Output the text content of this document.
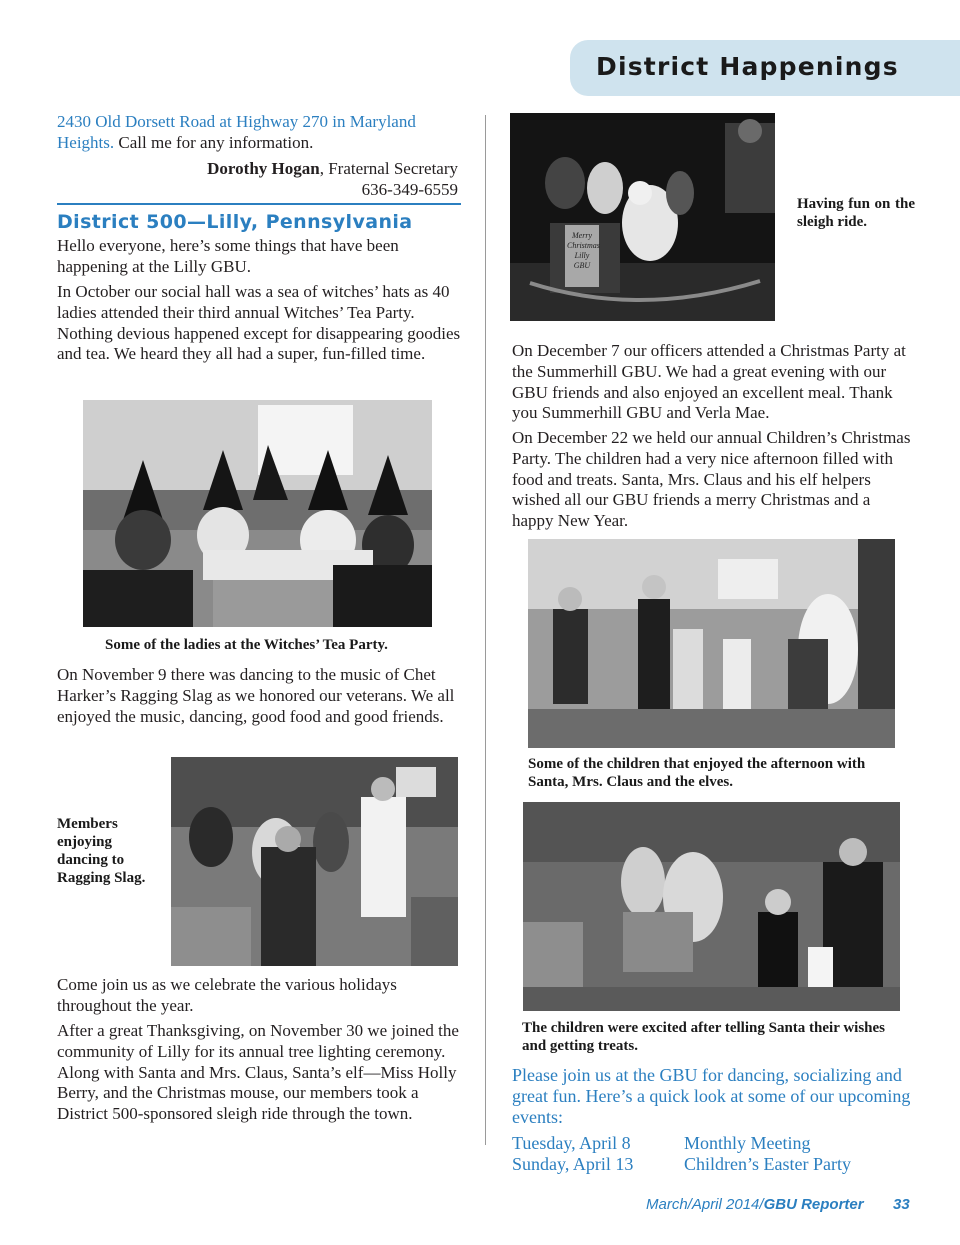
District Happenings
2430 Old Dorsett Road at Highway 270 in Maryland Heights. Call me for any information.
Dorothy Hogan, Fraternal Secretary
636-349-6559
District 500—Lilly, Pennsylvania
Hello everyone, here’s some things that have been happening at the Lilly GBU.
In October our social hall was a sea of witches’ hats as 40 ladies attended their third annual Witches’ Tea Party. Nothing devious happened except for disappearing goodies and tea. We heard they all had a super, fun-filled time.
Some of the ladies at the Witches’ Tea Party.
On November 9 there was dancing to the music of Chet Harker’s Ragging Slag as we honored our veterans. We all enjoyed the music, dancing, good food and good friends.
Members enjoying dancing to Ragging Slag.
Come join us as we celebrate the various holidays throughout the year.
After a great Thanksgiving, on November 30 we joined the community of Lilly for its annual tree lighting ceremony. Along with Santa and Mrs. Claus, Santa’s elf—Miss Holly Berry, and the Christmas mouse, our members took a District 500-sponsored sleigh ride through the town.
Merry Christmas Lilly GBU
Having fun on the sleigh ride.
On December 7 our officers attended a Christmas Party at the Summerhill GBU. We had a great evening with our GBU friends and also enjoyed an excellent meal. Thank you Summerhill GBU and Verla Mae.
On December 22 we held our annual Children’s Christmas Party. The children had a very nice afternoon filled with food and treats. Santa, Mrs. Claus and his elf helpers wished all our GBU friends a merry Christmas and a happy New Year.
Some of the children that enjoyed the afternoon with Santa, Mrs. Claus and the elves.
The children were excited after telling Santa their wishes and getting treats.
Please join us at the GBU for dancing, socializing and great fun. Here’s a quick look at some of our upcoming events:
Tuesday, April 8	Monthly Meeting
Sunday, April 13	Children’s Easter Party
March/April 2014/GBU Reporter 33
